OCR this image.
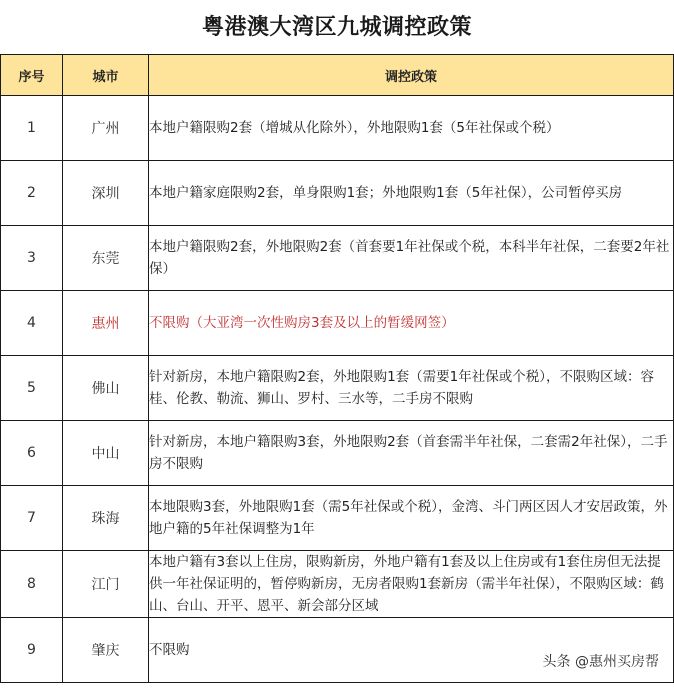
粤港澳大湾区九城调控政策
序号	城市	调控政策
1	广州	本地户籍限购2套（增城从化除外），外地限购1套（5年社保或个税）
2	深圳	本地户籍家庭限购2套，单身限购1套；外地限购1套（5年社保），公司暂停买房
3	东莞	本地户籍限购2套，外地限购2套（首套要1年社保或个税，本科半年社保，二套要2年社保）
4	惠州	不限购（大亚湾一次性购房3套及以上的暂缓网签）
5	佛山	针对新房，本地户籍限购2套，外地限购1套（需要1年社保或个税），不限购区域：容桂、伦教、勒流、狮山、罗村、三水等，二手房不限购
6	中山	针对新房，本地户籍限购3套，外地限购2套（首套需半年社保，二套需2年社保），二手房不限购
7	珠海	本地限购3套，外地限购1套（需5年社保或个税），金湾、斗门两区因人才安居政策，外地户籍的5年社保调整为1年
8	江门	本地户籍有3套以上住房，限购新房，外地户籍有1套及以上住房或有1套住房但无法提供一年社保证明的，暂停购新房，无房者限购1套新房（需半年社保），不限购区域：鹤山、台山、开平、恩平、新会部分区域
9	肇庆	不限购
头条 @惠州买房帮
